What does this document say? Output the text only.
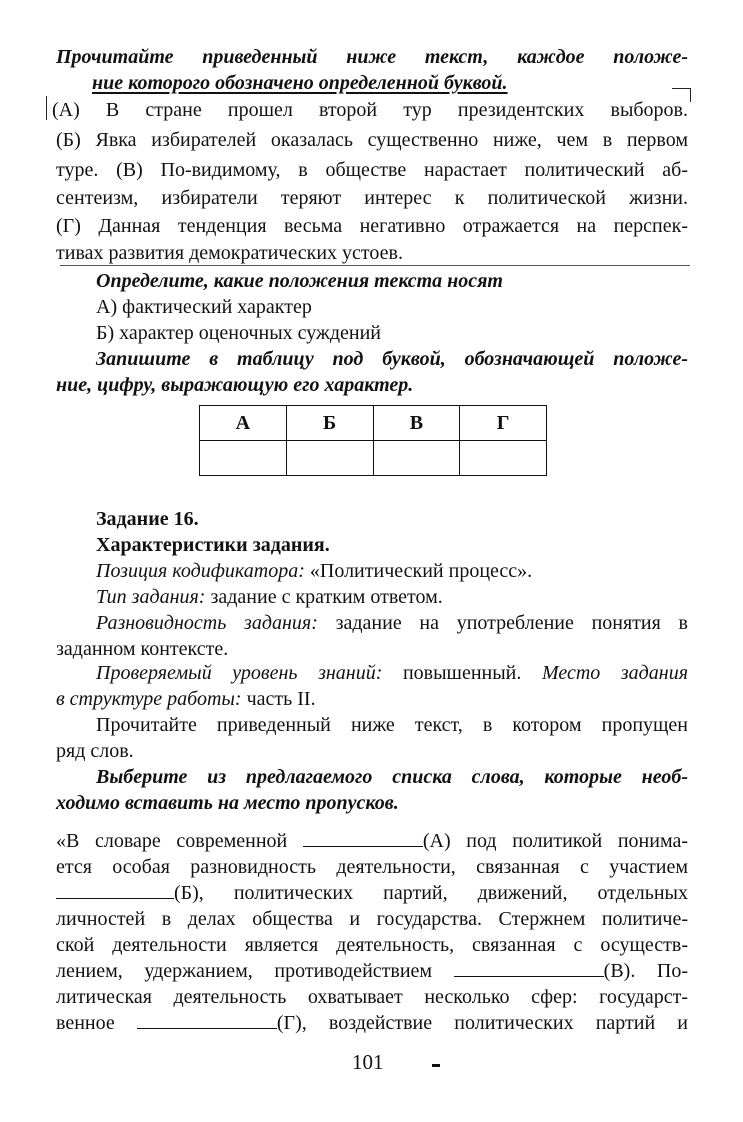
Прочитайте приведенный ниже текст, каждое положе-
ние которого обозначено определенной буквой.
(А) В стране прошел второй тур президентских выборов.
(Б) Явка избирателей оказалась существенно ниже, чем в первом
туре. (В) По-видимому, в обществе нарастает политический аб-
сентеизм, избиратели теряют интерес к политической жизни.
(Г) Данная тенденция весьма негативно отражается на перспек-
тивах развития демократических устоев.
Определите, какие положения текста носят
А) фактический характер
Б) характер оценочных суждений
Запишите в таблицу под буквой, обозначающей положе-
ние, цифру, выражающую его характер.
А	Б	В	Г

Задание 16.
Характеристики задания.
Позиция кодификатора: «Политический процесс».
Тип задания: задание с кратким ответом.
Разновидность задания: задание на употребление понятия в
заданном контексте.
Проверяемый уровень знаний: повышенный. Место задания
в структуре работы: часть II.
Прочитайте приведенный ниже текст, в котором пропущен
ряд слов.
Выберите из предлагаемого списка слова, которые необ-
ходимо вставить на место пропусков.
«В словаре современной	(А) под политикой понима-
ется особая разновидность деятельности, связанная с участием
(Б), политических партий, движений, отдельных
личностей в делах общества и государства. Стержнем политиче-
ской деятельности является деятельность, связанная с осуществ-
лением, удержанием, противодействием	(В). По-
литическая деятельность охватывает несколько сфер: государст-
венное	(Г), воздействие политических партий и
101
